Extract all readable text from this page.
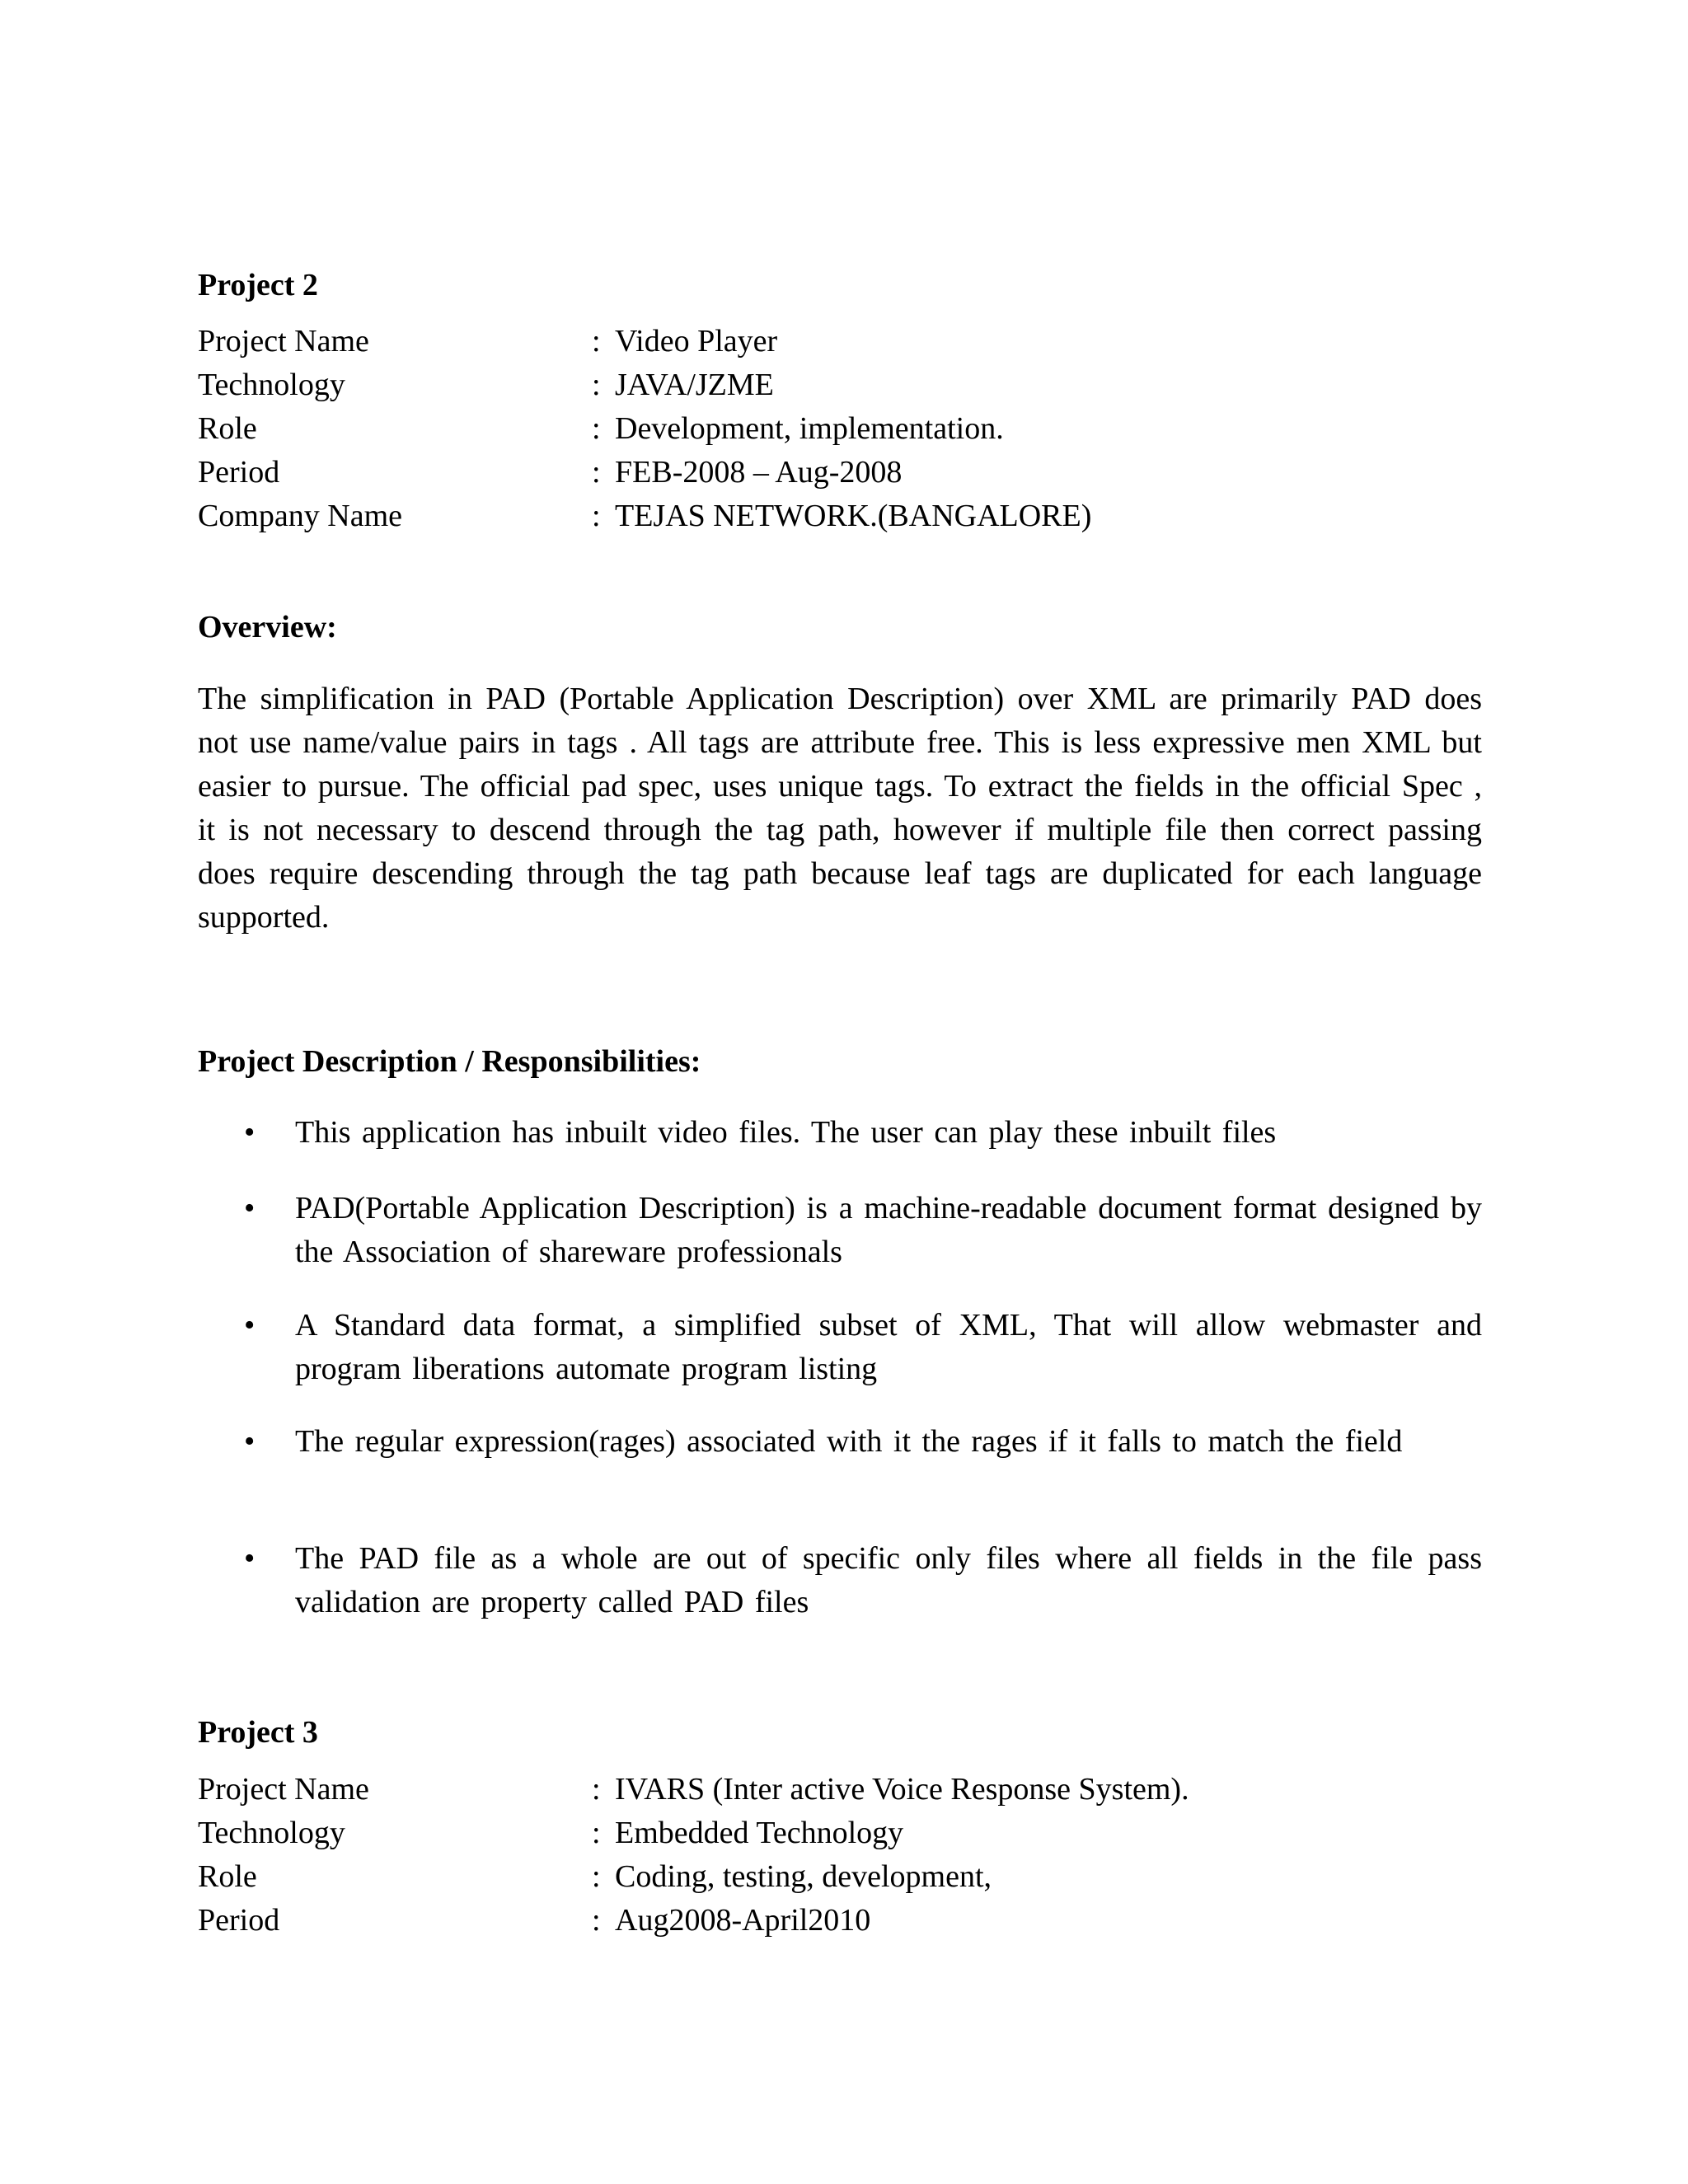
Project 2
Project Name	: Video Player
Technology	: JAVA/JZME
Role	: Development, implementation.
Period	: FEB-2008 – Aug-2008
Company Name	: TEJAS NETWORK.(BANGALORE)
Overview:
The simplification in PAD (Portable Application Description) over XML are primarily PAD does not use name/value pairs in tags . All tags are attribute free. This is less expressive men XML but easier to pursue. The official pad spec, uses unique tags. To extract the fields in the official Spec , it is not necessary to descend through the tag path, however if multiple file then correct passing does require descending through the tag path because leaf tags are duplicated for each language supported.
Project Description / Responsibilities:
• This application has inbuilt video files. The user can play these inbuilt files
• PAD(Portable Application Description) is a machine-readable document format designed by the Association of shareware professionals
• A Standard data format, a simplified subset of XML, That will allow webmaster and program liberations automate program listing
• The regular expression(rages) associated with it the rages if it falls to match the field
• The PAD file as a whole are out of specific only files where all fields in the file pass validation are property called PAD files
Project 3
Project Name	: IVARS (Inter active Voice Response System).
Technology	: Embedded Technology
Role	: Coding, testing, development,
Period	: Aug2008-April2010
